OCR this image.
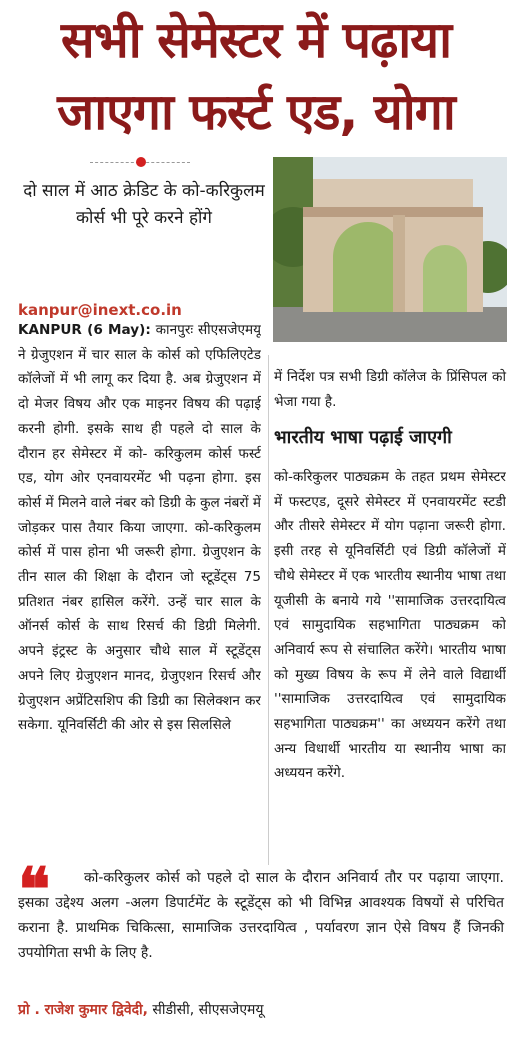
सभी सेमेस्टर में पढ़ाया
जाएगा फर्स्ट एड, योगा
दो साल में आठ क्रेडिट के को-करिकुलम कोर्स भी पूरे करने होंगे
kanpur@inext.co.in
KANPUR (6 May): कानपुरः सीएसजेएमयू ने ग्रेजुएशन में चार साल के कोर्स को एफिलिएटेड कॉलेजों में भी लागू कर दिया है. अब ग्रेजुएशन में दो मेजर विषय और एक माइनर विषय की पढ़ाई करनी होगी. इसके साथ ही पहले दो साल के दौरान हर सेमेस्टर में को- करिकुलम कोर्स फर्स्ट एड, योग ओर एनवायरमेंट भी पढ़ना होगा. इस कोर्स में मिलने वाले नंबर को डिग्री के कुल नंबरों में जोड़कर पास तैयार किया जाएगा. को-करिकुलम कोर्स में पास होना भी जरूरी होगा. ग्रेजुएशन के तीन साल की शिक्षा के दौरान जो स्टूडेंट्स 75 प्रतिशत नंबर हासिल करेंगे. उन्हें चार साल के ऑनर्स कोर्स के साथ रिसर्च की डिग्री मिलेगी. अपने इंट्रस्ट के अनुसार चौथे साल में स्टूडेंट्स अपने लिए ग्रेजुएशन मानद, ग्रेजुएशन रिसर्च और ग्रेजुएशन अप्रेंटिसशिप की डिग्री का सिलेक्शन कर सकेगा. यूनिवर्सिटी की ओर से इस सिलसिले
में निर्देश पत्र सभी डिग्री कॉलेज के प्रिंसिपल को भेजा गया है.
भारतीय भाषा पढ़ाई जाएगी
को-करिकुलर पाठ्यक्रम के तहत प्रथम सेमेस्टर में फस्टएड, दूसरे सेमेस्टर में एनवायरमेंट स्टडी और तीसरे सेमेस्टर में योग पढ़ाना जरूरी होगा. इसी तरह से यूनिवर्सिटी एवं डिग्री कॉलेजों में चौथे सेमेस्टर में एक भारतीय स्थानीय भाषा तथा यूजीसी के बनाये गये ''सामाजिक उत्तरदायित्व एवं सामुदायिक सहभागिता पाठ्यक्रम को अनिवार्य रूप से संचालित करेंगे। भारतीय भाषा को मुख्य विषय के रूप में लेने वाले विद्यार्थी ''सामाजिक उत्तरदायित्व एवं सामुदायिक सहभागिता पाठ्यक्रम'' का अध्ययन करेंगे तथा अन्य विधार्थी भारतीय या स्थानीय भाषा का अध्ययन करेंगे.
❝	को-करिकुलर कोर्स को पहले दो साल के दौरान अनिवार्य तौर पर पढ़ाया जाएगा. इसका उद्देश्य अलग -अलग डिपार्टमेंट के स्टूडेंट्स को भी विभिन्न आवश्यक विषयों से परिचित कराना है. प्राथमिक चिकित्सा, सामाजिक उत्तरदायित्व , पर्यावरण ज्ञान ऐसे विषय हैं जिनकी उपयोगिता सभी के लिए है.
प्रो . राजेश कुमार द्विवेदी, सीडीसी, सीएसजेएमयू
